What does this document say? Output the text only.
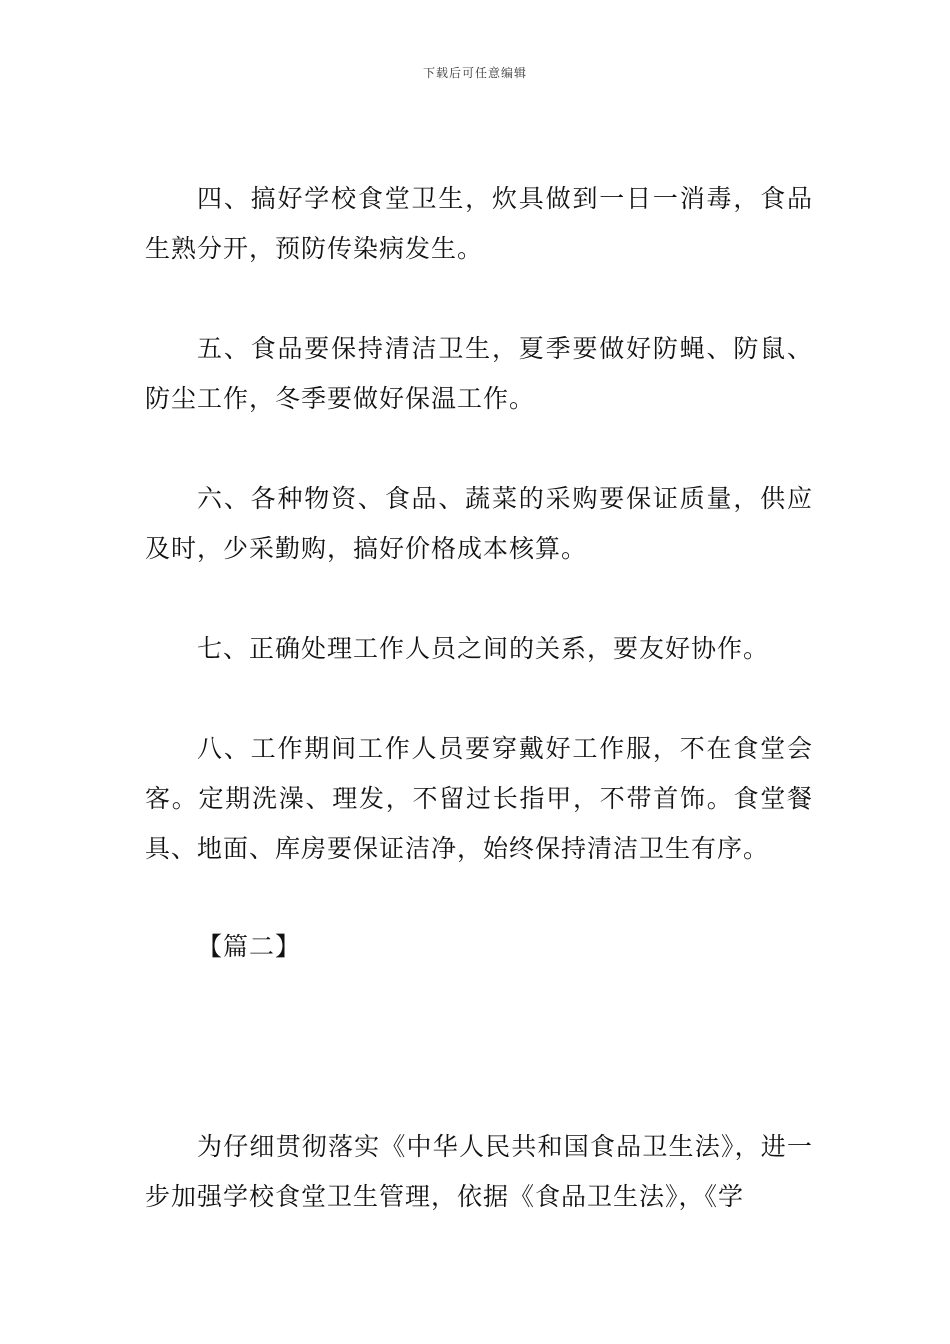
下载后可任意编辑

四、搞好学校食堂卫生，炊具做到一日一消毒，食品生熟分开，预防传染病发生。

五、食品要保持清洁卫生，夏季要做好防蝇、防鼠、防尘工作，冬季要做好保温工作。

六、各种物资、食品、蔬菜的采购要保证质量，供应及时，少采勤购，搞好价格成本核算。

七、正确处理工作人员之间的关系，要友好协作。

八、工作期间工作人员要穿戴好工作服，不在食堂会客。定期洗澡、理发，不留过长指甲，不带首饰。食堂餐具、地面、库房要保证洁净，始终保持清洁卫生有序。

【篇二】

为仔细贯彻落实《中华人民共和国食品卫生法》，进一步加强学校食堂卫生管理，依据《食品卫生法》，《学
